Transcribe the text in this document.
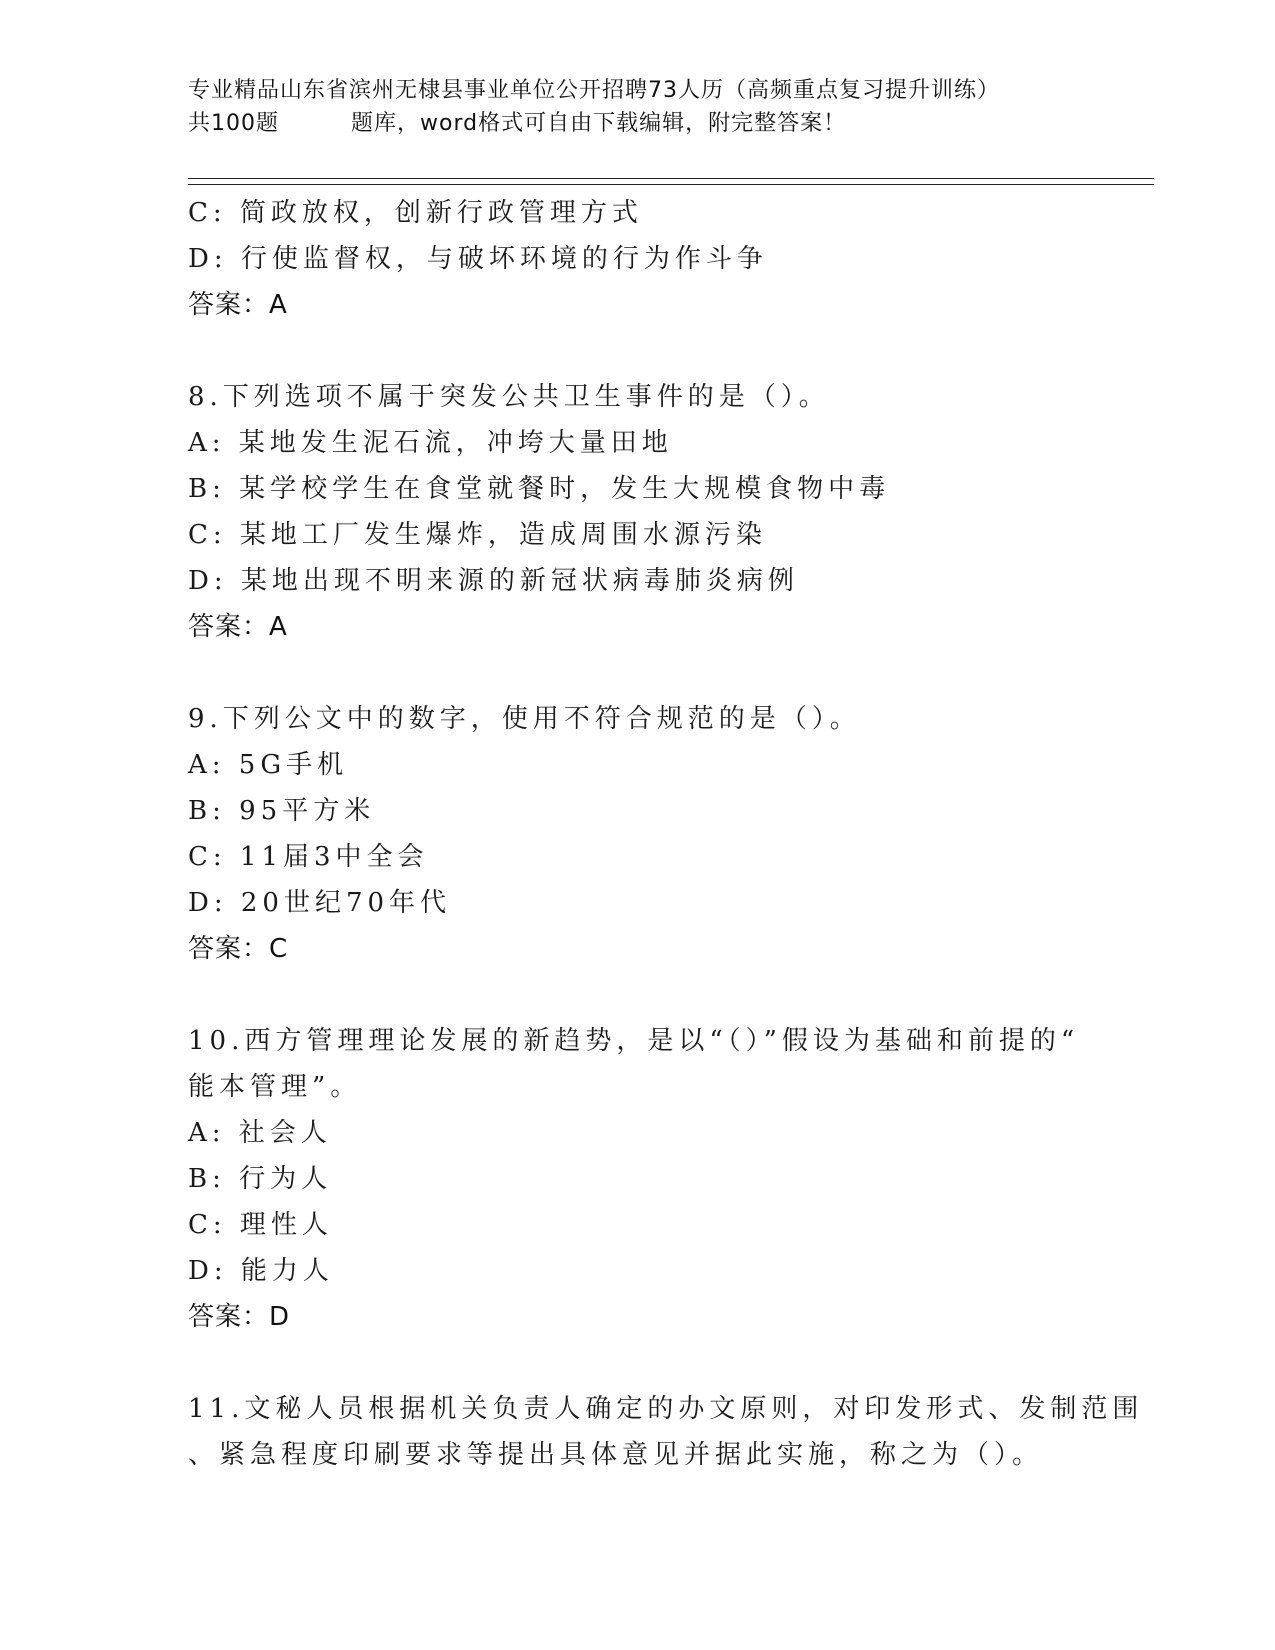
专业精品山东省滨州无棣县事业单位公开招聘73人历（高频重点复习提升训练）
共100题	题库，word格式可自由下载编辑，附完整答案！
C: 简政放权，创新行政管理方式
D: 行使监督权，与破坏环境的行为作斗争
答案：A
8.下列选项不属于突发公共卫生事件的是（）。
A: 某地发生泥石流，冲垮大量田地
B: 某学校学生在食堂就餐时，发生大规模食物中毒
C: 某地工厂发生爆炸，造成周围水源污染
D: 某地出现不明来源的新冠状病毒肺炎病例
答案：A
9.下列公文中的数字，使用不符合规范的是（）。
A: 5G手机
B: 95平方米
C: 11届3中全会
D: 20世纪70年代
答案：C
10.西方管理理论发展的新趋势，是以“（）”假设为基础和前提的“
能本管理”。
A: 社会人
B: 行为人
C: 理性人
D: 能力人
答案：D
11.文秘人员根据机关负责人确定的办文原则，对印发形式、发制范围
、紧急程度印刷要求等提出具体意见并据此实施，称之为（）。
